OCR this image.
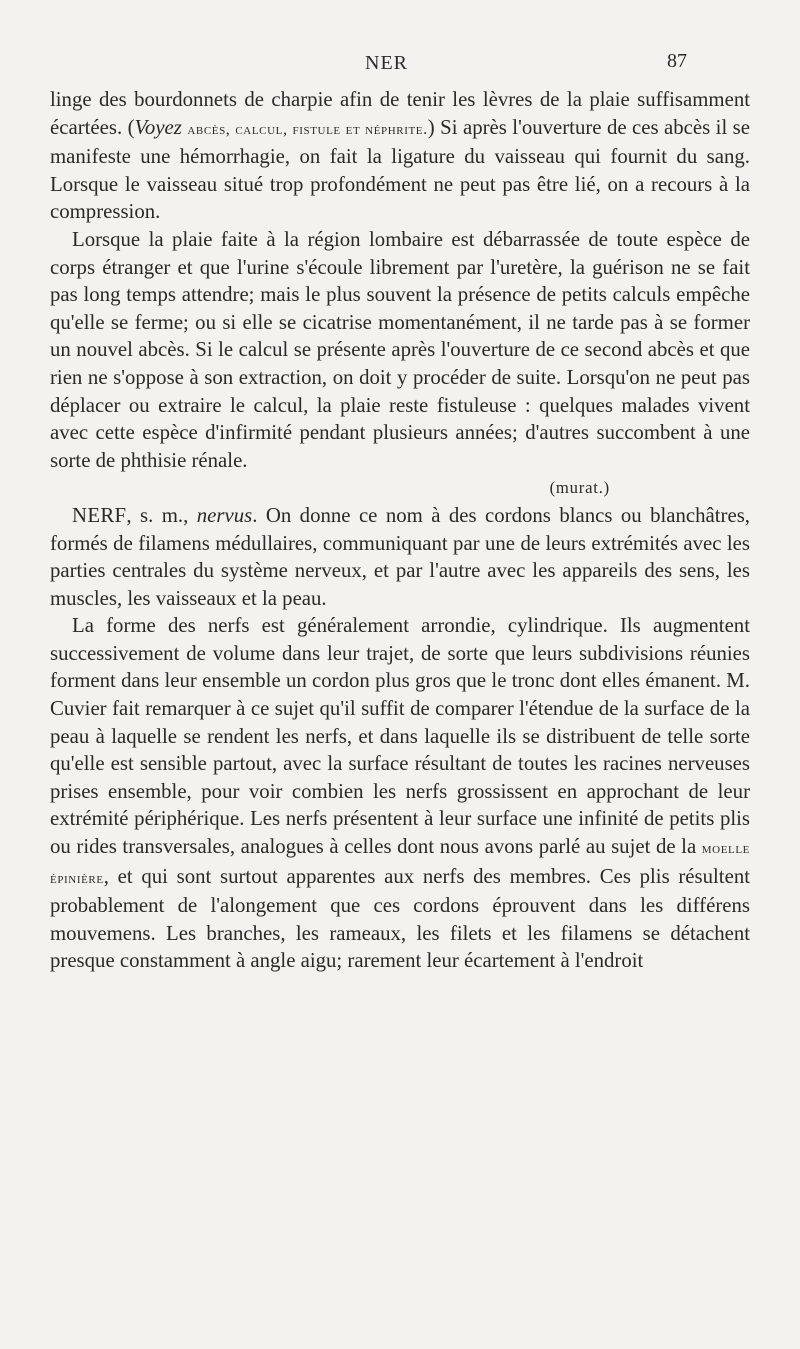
NER	87

linge des bourdonnets de charpie afin de tenir les lèvres de la plaie suffisamment écartées. (Voyez abcès, calcul, fistule et néphrite.) Si après l'ouverture de ces abcès il se manifeste une hémorrhagie, on fait la ligature du vaisseau qui fournit du sang. Lorsque le vaisseau situé trop profondément ne peut pas être lié, on a recours à la compression.

Lorsque la plaie faite à la région lombaire est débarrassée de toute espèce de corps étranger et que l'urine s'écoule librement par l'uretère, la guérison ne se fait pas long temps attendre; mais le plus souvent la présence de petits calculs empêche qu'elle se ferme; ou si elle se cicatrise momentanément, il ne tarde pas à se former un nouvel abcès. Si le calcul se présente après l'ouverture de ce second abcès et que rien ne s'oppose à son extraction, on doit y procéder de suite. Lorsqu'on ne peut pas déplacer ou extraire le calcul, la plaie reste fistuleuse : quelques malades vivent avec cette espèce d'infirmité pendant plusieurs années; d'autres succombent à une sorte de phthisie rénale.

(murat.)

NERF, s. m., nervus. On donne ce nom à des cordons blancs ou blanchâtres, formés de filamens médullaires, communiquant par une de leurs extrémités avec les parties centrales du système nerveux, et par l'autre avec les appareils des sens, les muscles, les vaisseaux et la peau.

La forme des nerfs est généralement arrondie, cylindrique. Ils augmentent successivement de volume dans leur trajet, de sorte que leurs subdivisions réunies forment dans leur ensemble un cordon plus gros que le tronc dont elles émanent. M. Cuvier fait remarquer à ce sujet qu'il suffit de comparer l'étendue de la surface de la peau à laquelle se rendent les nerfs, et dans laquelle ils se distribuent de telle sorte qu'elle est sensible partout, avec la surface résultant de toutes les racines nerveuses prises ensemble, pour voir combien les nerfs grossissent en approchant de leur extrémité périphérique. Les nerfs présentent à leur surface une infinité de petits plis ou rides transversales, analogues à celles dont nous avons parlé au sujet de la moelle épinière, et qui sont surtout apparentes aux nerfs des membres. Ces plis résultent probablement de l'alongement que ces cordons éprouvent dans les différens mouvemens. Les branches, les rameaux, les filets et les filamens se détachent presque constamment à angle aigu; rarement leur écartement à l'endroit
